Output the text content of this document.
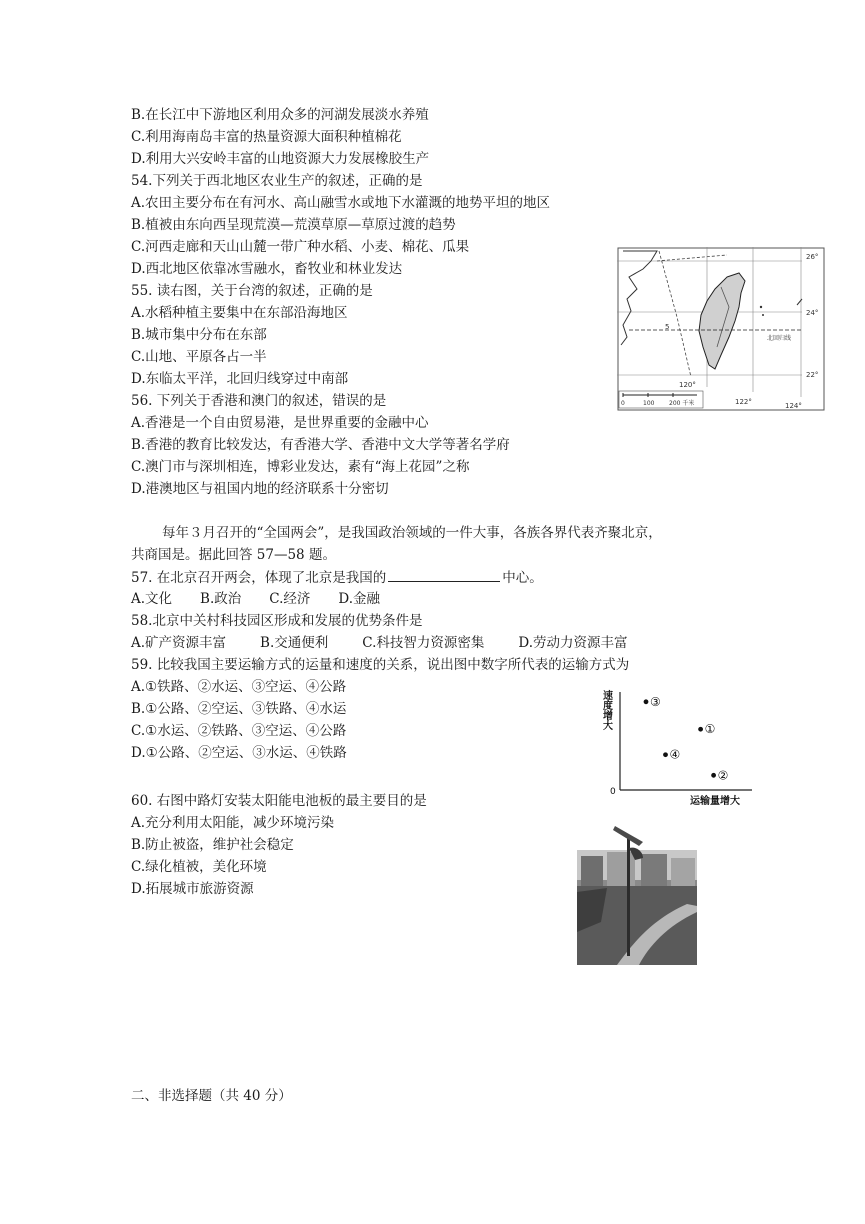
B.在长江中下游地区利用众多的河湖发展淡水养殖
C.利用海南岛丰富的热量资源大面积种植棉花
D.利用大兴安岭丰富的山地资源大力发展橡胶生产
54.下列关于西北地区农业生产的叙述，正确的是
A.农田主要分布在有河水、高山融雪水或地下水灌溉的地势平坦的地区
B.植被由东向西呈现荒漠—荒漠草原—草原过渡的趋势
C.河西走廊和天山山麓一带广种水稻、小麦、棉花、瓜果
D.西北地区依靠冰雪融水，畜牧业和林业发达
55. 读右图，关于台湾的叙述，正确的是
A.水稻种植主要集中在东部沿海地区
B.城市集中分布在东部
C.山地、平原各占一半
D.东临太平洋，北回归线穿过中南部
56. 下列关于香港和澳门的叙述，错误的是
A.香港是一个自由贸易港，是世界重要的金融中心
B.香港的教育比较发达，有香港大学、香港中文大学等著名学府
C.澳门市与深圳相连，博彩业发达，素有“海上花园”之称
D.港澳地区与祖国内地的经济联系十分密切
每年３月召开的“全国两会”，是我国政治领域的一件大事，各族各界代表齐聚北京，
共商国是。据此回答 57—58 题。
57. 在北京召开两会，体现了北京是我国的	中心。
A.文化 B.政治 C.经济 D.金融
58.北京中关村科技园区形成和发展的优势条件是
A.矿产资源丰富	B.交通便利	C.科技智力资源密集	D.劳动力资源丰富
59. 比较我国主要运输方式的运量和速度的关系，说出图中数字所代表的运输方式为
A.①铁路、②水运、③空运、④公路
B.①公路、②空运、③铁路、④水运
C.①水运、②铁路、③空运、④公路
D.①公路、②空运、③水运、④铁路
60. 右图中路灯安装太阳能电池板的最主要目的是
A.充分利用太阳能，减少环境污染
B.防止被盗，维护社会稳定
C.绿化植被，美化环境
D.拓展城市旅游资源
二、非选择题（共 40 分）
北回归线
5
26°
24°
22°
120°
122°	124°
0	100 200 千米
速度增大
运输量增大
0
③
①
④
②
